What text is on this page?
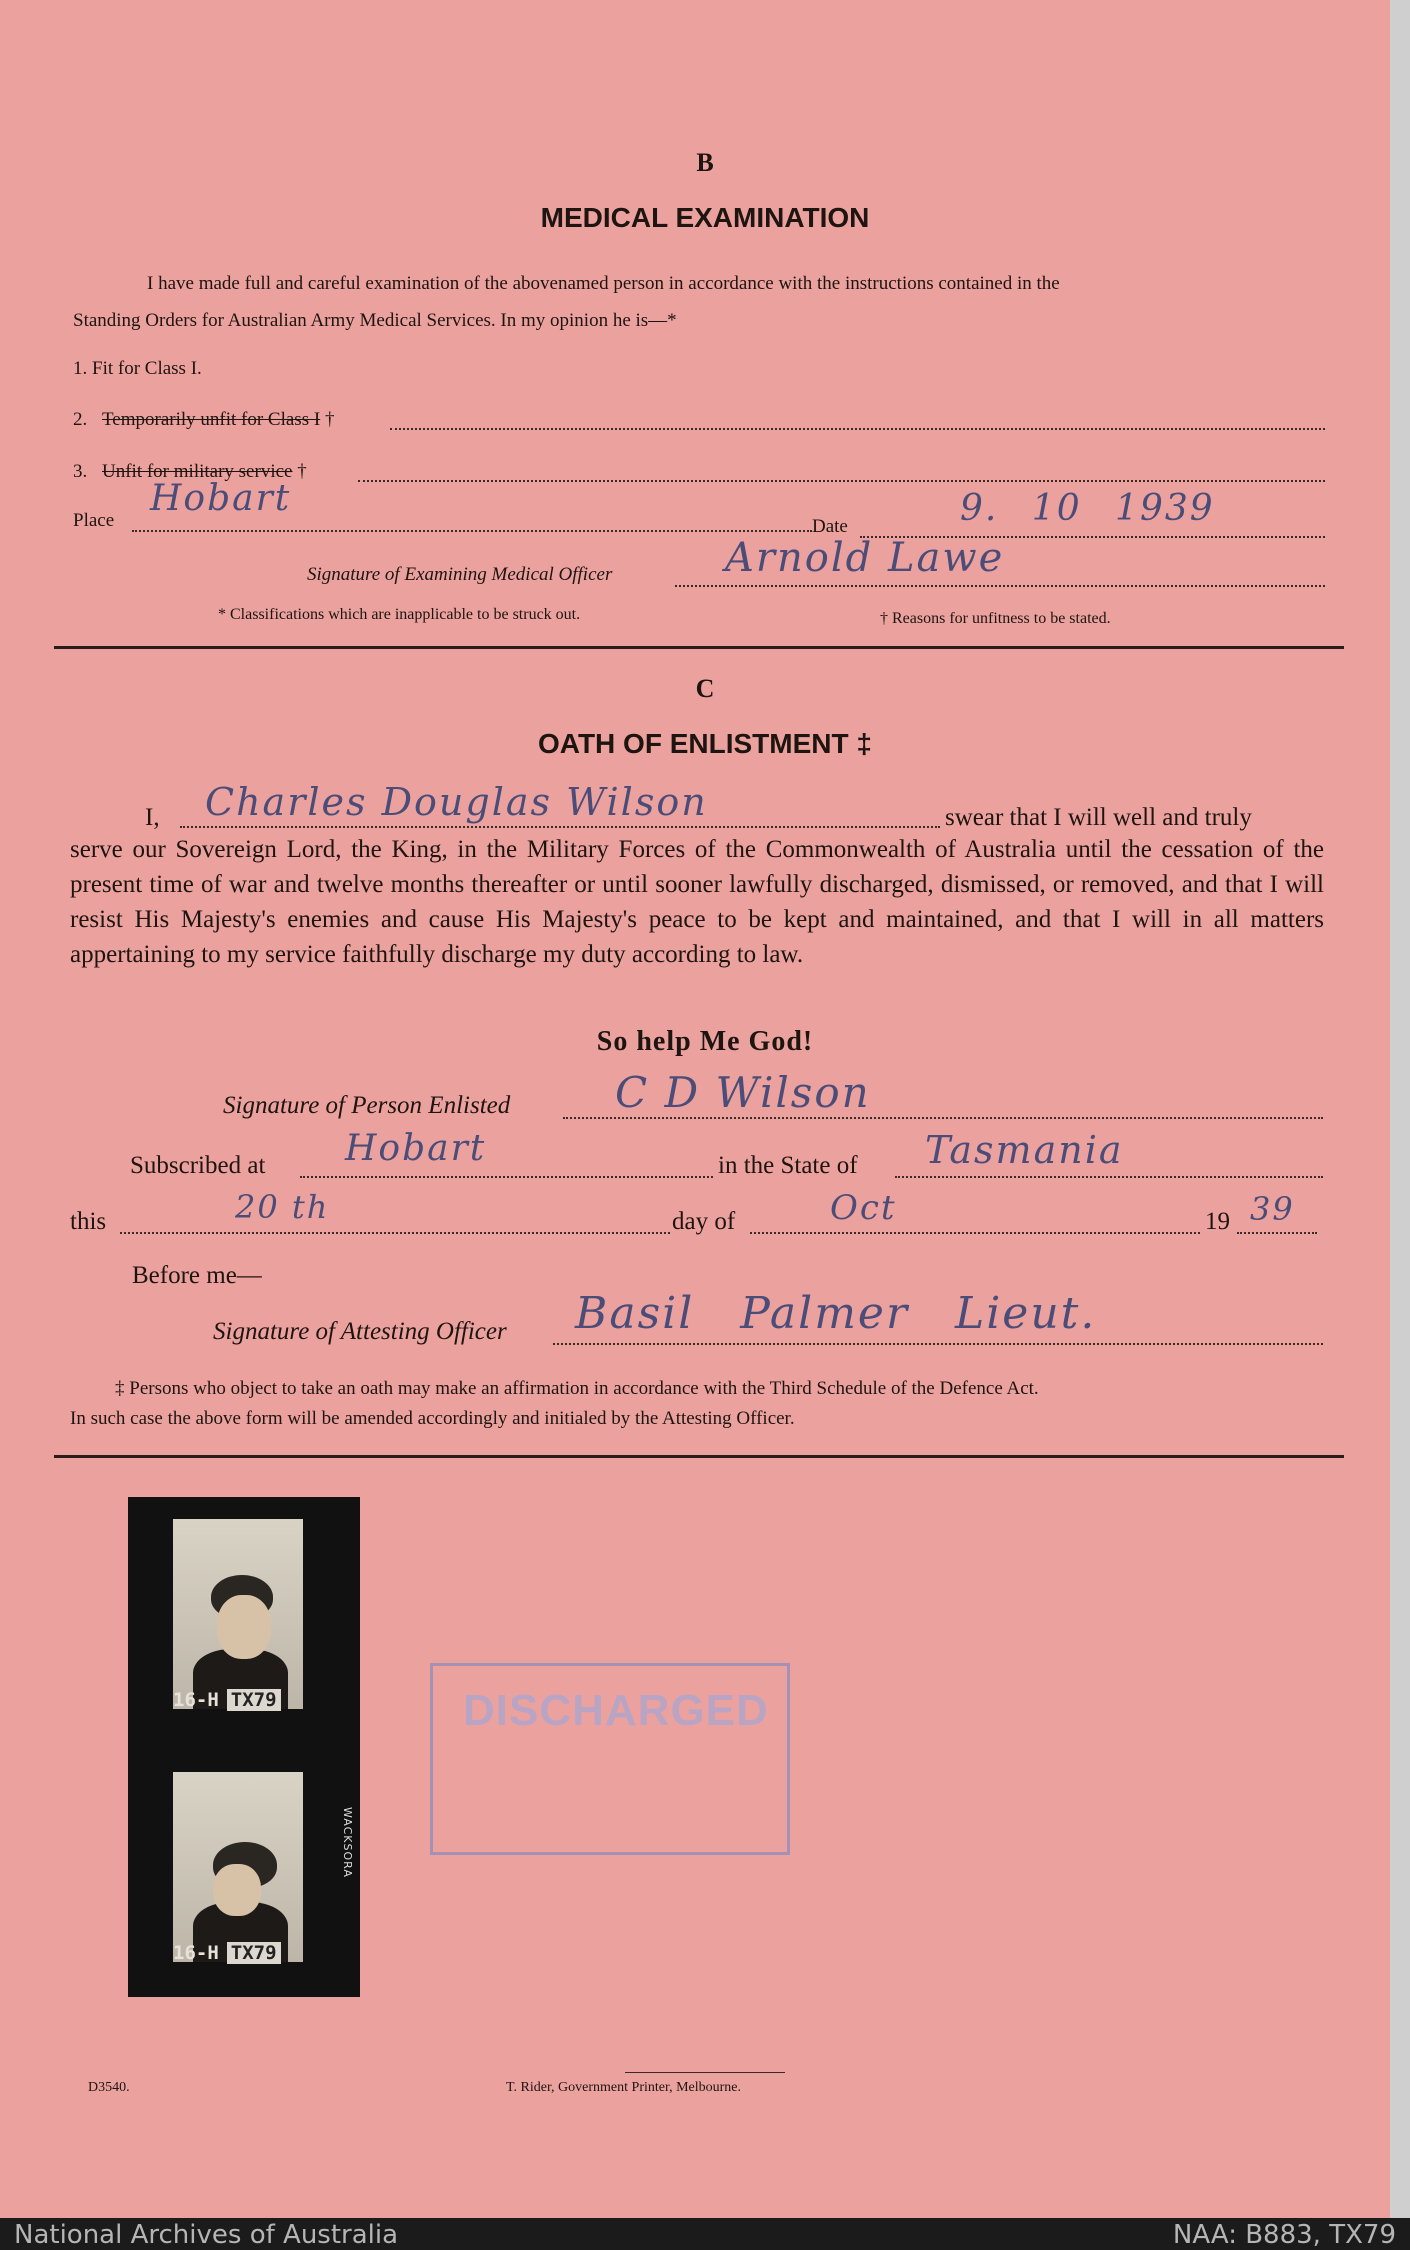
B
MEDICAL EXAMINATION
I have made full and careful examination of the abovenamed person in accordance with the instructions contained in the
Standing Orders for Australian Army Medical Services. In my opinion he is—*
1. Fit for Class I.
2. Temporarily unfit for Class I †
3. Unfit for military service †
Place
Hobart
Date	9. 10 1939
Signature of Examining Medical Officer	Arnold Lawe
* Classifications which are inapplicable to be struck out.	† Reasons for unfitness to be stated.
C
OATH OF ENLISTMENT ‡
I, Charles Douglas Wilson	swear that I will well and truly
serve our Sovereign Lord, the King, in the Military Forces of the Commonwealth of Australia until the cessation of the present time of war and twelve months thereafter or until sooner lawfully discharged, dismissed, or removed, and that I will resist His Majesty's enemies and cause His Majesty's peace to be kept and maintained, and that I will in all matters appertaining to my service faithfully discharge my duty according to law.
So help Me God!
Signature of Person Enlisted C D Wilson
Subscribed at Hobart	in the State of Tasmania
this	20 th	day of	Oct	19 39
Before me—
Signature of Attesting Officer Basil Palmer Lieut.
‡ Persons who object to take an oath may make an affirmation in accordance with the Third Schedule of the Defence Act.
In such case the above form will be amended accordingly and initialed by the Attesting Officer.
16-H TX79
16-H TX79
WACKSORA
DISCHARGED
D3540.	T. Rider, Government Printer, Melbourne.
National Archives of Australia	NAA: B883, TX79
